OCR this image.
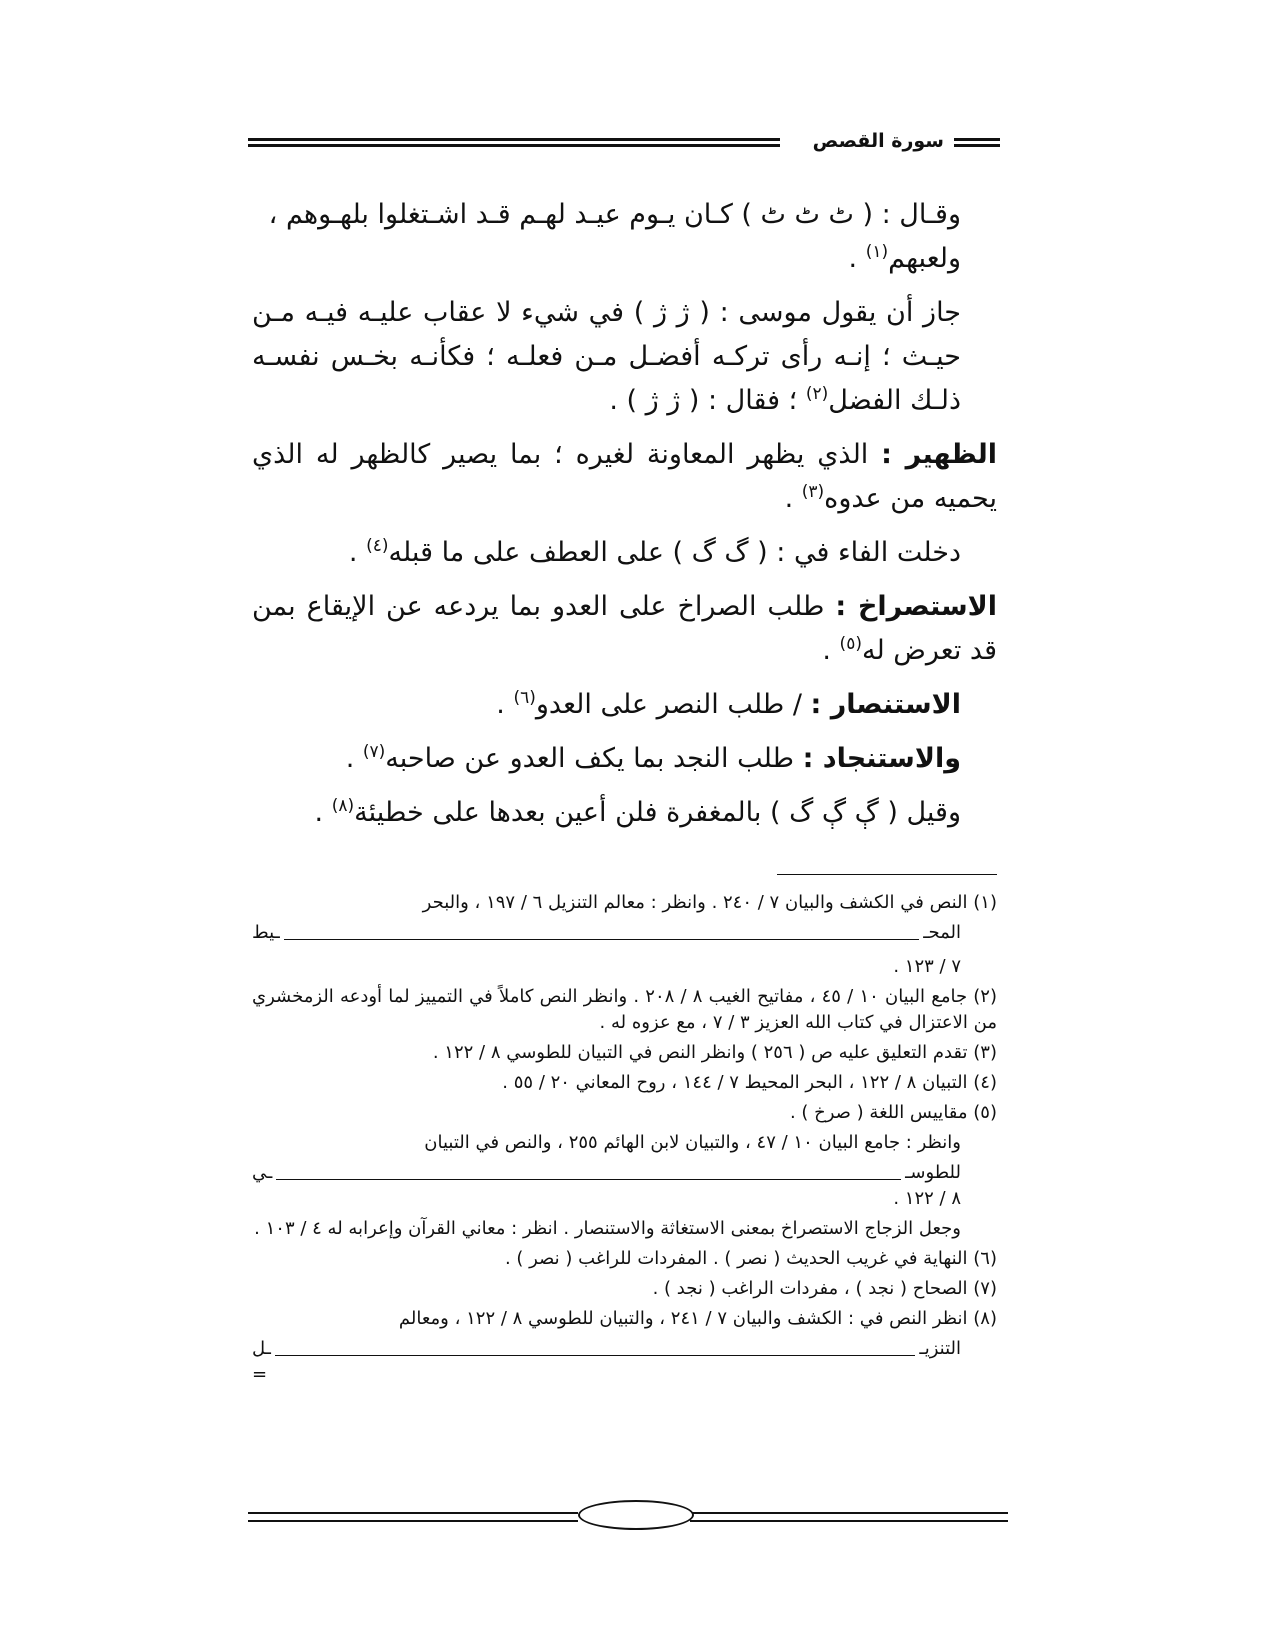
سورة القصص

وقـال : ( ٹ ٹ ٹ ) كـان يـوم عيـد لهـم قـد اشـتغلوا بلهـوهم ،
ولعبهم$^{(١)}$ .

جاز أن يقول موسى : ( ژ ژ ) في شيء لا عقاب عليـه فيـه مـن حيـث ؛ إنـه رأى تركـه أفضـل مـن فعلـه ؛ فكأنـه بخـس نفسـه ذلـك الفضل$^{(٢)}$ ؛ فقال : ( ژ ژ ) .

الظهير : الذي يظهر المعاونة لغيره ؛ بما يصير كالظهر له الذي يحميه من عدوه$^{(٣)}$ .

دخلت الفاء في : ( گ گ ) على العطف على ما قبله$^{(٤)}$ .

الاستصراخ : طلب الصراخ على العدو بما يردعه عن الإيقاع بمن قد تعرض له$^{(٥)}$ .

الاستنصار : / طلب النصر على العدو$^{(٦)}$ .

والاستنجاد : طلب النجد بما يكف العدو عن صاحبه$^{(٧)}$ .

وقيل ( ڳ ڳ گ ) بالمغفرة فلن أعين بعدها على خطيئة$^{(٨)}$ .

(١) النص في الكشف والبيان ٧ / ٢٤٠ . وانظر : معالم التنزيل ٦ / ١٩٧ ، والبحر

المحـ
ـيط

٧ / ١٢٣ .

(٢) جامع البيان ١٠ / ٤٥ ، مفاتيح الغيب ٨ / ٢٠٨ . وانظر النص كاملاً في التمييز لما أودعه الزمخشري من الاعتزال في كتاب الله العزيز ٣ / ٧ ، مع عزوه له .

(٣) تقدم التعليق عليه ص ( ٢٥٦ ) وانظر النص في التبيان للطوسي ٨ / ١٢٢ .

(٤) التبيان ٨ / ١٢٢ ، البحر المحيط ٧ / ١٤٤ ، روح المعاني ٢٠ / ٥٥ .

(٥) مقاييس اللغة ( صرخ ) .

وانظر : جامع البيان ١٠ / ٤٧ ، والتبيان لابن الهائم ٢٥٥ ، والنص في التبيان

للطوسـ
ـي

٨ / ١٢٢ .

وجعل الزجاج الاستصراخ بمعنى الاستغاثة والاستنصار . انظر : معاني القرآن وإعرابه له ٤ / ١٠٣ .

(٦) النهاية في غريب الحديث ( نصر ) . المفردات للراغب ( نصر ) .

(٧) الصحاح ( نجد ) ، مفردات الراغب ( نجد ) .

(٨) انظر النص في : الكشف والبيان ٧ / ٢٤١ ، والتبيان للطوسي ٨ / ١٢٢ ، ومعالم

التنزيـ
ـل

=
